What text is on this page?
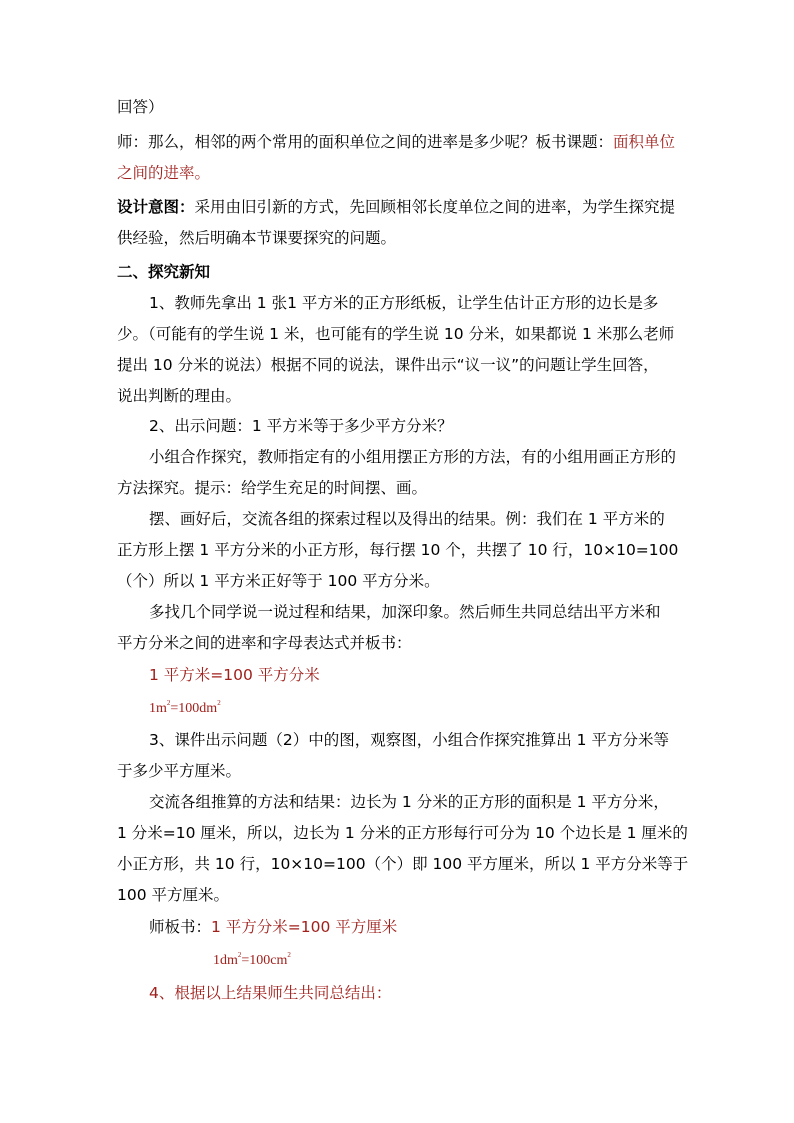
回答）
师：那么，相邻的两个常用的面积单位之间的进率是多少呢？板书课题：面积单位
之间的进率。
设计意图：采用由旧引新的方式，先回顾相邻长度单位之间的进率，为学生探究提
供经验，然后明确本节课要探究的问题。
二、探究新知
1、教师先拿出 1 张1 平方米的正方形纸板，让学生估计正方形的边长是多
少。（可能有的学生说 1 米，也可能有的学生说 10 分米，如果都说 1 米那么老师
提出 10 分米的说法）根据不同的说法，课件出示“议一议”的问题让学生回答，
说出判断的理由。
2、出示问题：1 平方米等于多少平方分米？
小组合作探究，教师指定有的小组用摆正方形的方法，有的小组用画正方形的
方法探究。提示：给学生充足的时间摆、画。
摆、画好后，交流各组的探索过程以及得出的结果。例：我们在 1 平方米的
正方形上摆 1 平方分米的小正方形，每行摆 10 个，共摆了 10 行，10×10=100
（个）所以 1 平方米正好等于 100 平方分米。
多找几个同学说一说过程和结果，加深印象。然后师生共同总结出平方米和
平方分米之间的进率和字母表达式并板书：
1 平方米=100 平方分米
$1m^2=100dm^2$
3、课件出示问题（2）中的图，观察图，小组合作探究推算出 1 平方分米等
于多少平方厘米。
交流各组推算的方法和结果：边长为 1 分米的正方形的面积是 1 平方分米，
1 分米=10 厘米，所以，边长为 1 分米的正方形每行可分为 10 个边长是 1 厘米的
小正方形，共 10 行，10×10=100（个）即 100 平方厘米，所以 1 平方分米等于
100 平方厘米。
师板书：1 平方分米=100 平方厘米
$1dm^2=100cm^2$
4、根据以上结果师生共同总结出：
